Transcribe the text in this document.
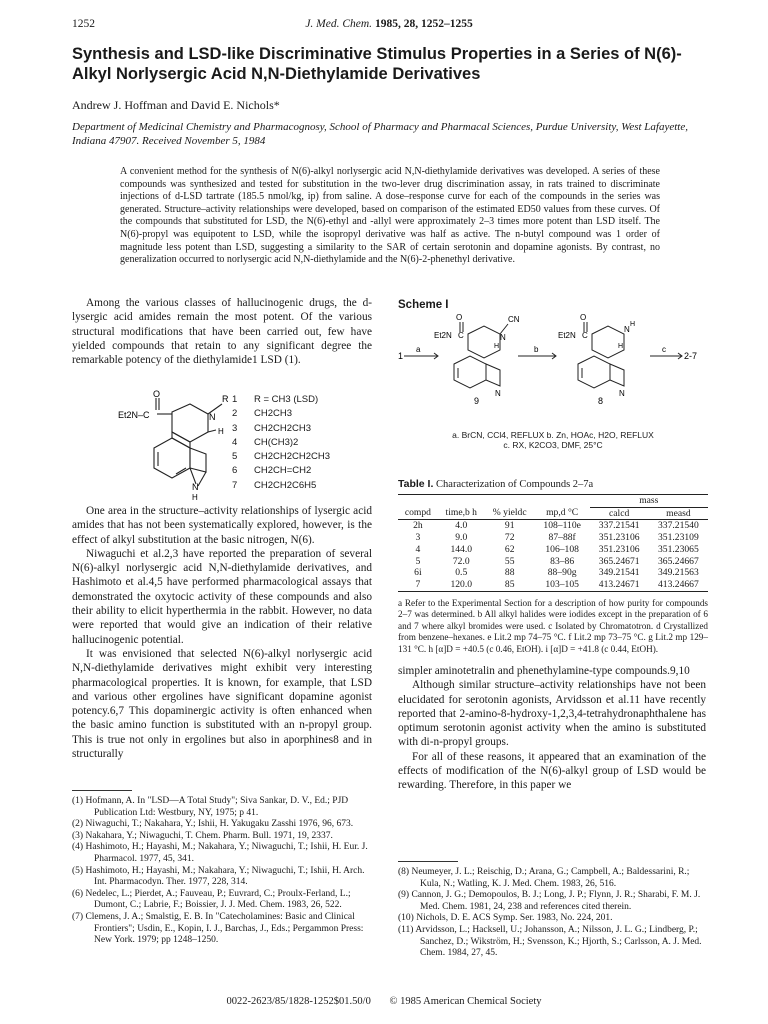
1252	J. Med. Chem. 1985, 28, 1252–1255
Synthesis and LSD-like Discriminative Stimulus Properties in a Series of N(6)-Alkyl Norlysergic Acid N,N-Diethylamide Derivatives
Andrew J. Hoffman and David E. Nichols*
Department of Medicinal Chemistry and Pharmacognosy, School of Pharmacy and Pharmacal Sciences, Purdue University, West Lafayette, Indiana 47907. Received November 5, 1984
A convenient method for the synthesis of N(6)-alkyl norlysergic acid N,N-diethylamide derivatives was developed. A series of these compounds was synthesized and tested for substitution in the two-lever drug discrimination assay, in rats trained to discriminate injections of d-LSD tartrate (185.5 nmol/kg, ip) from saline. A dose–response curve for each of the compounds in the series was generated. Structure–activity relationships were developed, based on comparison of the estimated ED50 values from these curves. Of the compounds that substituted for LSD, the N(6)-ethyl and -allyl were approximately 2–3 times more potent than LSD itself. The N(6)-propyl was equipotent to LSD, while the isopropyl derivative was half as active. The n-butyl compound was 1 order of magnitude less potent than LSD, suggesting a similarity to the SAR of certain serotonin and dopamine agonists. By contrast, no generalization occurred to norlysergic acid N,N-diethylamide and the N(6)-2-phenethyl derivative.

Among the various classes of hallucinogenic drugs, the d-lysergic acid amides remain the most potent. Of the various structural modifications that have been carried out, few have yielded compounds that retain to any significant degree the remarkable potency of the diethylamide1 LSD (1).

O
Et2N–C
R
N
H
N
H
1 R = CH3 (LSD)
2 CH2CH3
3 CH2CH2CH3
4 CH(CH3)2
5 CH2CH2CH2CH3
6 CH2CH=CH2
7 CH2CH2C6H5

One area in the structure–activity relationships of lysergic acid amides that has not been systematically explored, however, is the effect of alkyl substitution at the basic nitrogen, N(6).

Niwaguchi et al.2,3 have reported the preparation of several N(6)-alkyl norlysergic acid N,N-diethylamide derivatives, and Hashimoto et al.4,5 have performed pharmacological assays that demonstrated the oxytocic activity of these compounds and also their ability to elicit hyperthermia in the rabbit. However, no data were reported that would give an indication of their relative hallucinogenic potential.

It was envisioned that selected N(6)-alkyl norlysergic acid N,N-diethylamide derivatives might exhibit very interesting pharmacological properties. It is known, for example, that LSD and various other ergolines have significant dopamine agonist potency.6,7 This dopaminergic activity is often enhanced when the basic amino function is substituted with an n-propyl group. This is true not only in ergolines but also in aporphines8 and in structurally

Scheme I
1
a
O
Et2N C
CN
N
H
N
9
b
O
Et2N C
N
H
H
N
8
c
2-7
a. BrCN, CCl4, REFLUX b. Zn, HOAc, H2O, REFLUX
c. RX, K2CO3, DMF, 25°C
Table I. Characterization of Compounds 2–7a
				mass	
compd	time,b h	% yieldc	mp,d °C	calcd	measd
2h	4.0	91	108–110e	337.21541	337.21540
3	9.0	72	87–88f	351.23106	351.23109
4	144.0	62	106–108	351.23106	351.23065
5	72.0	55	83–86	365.24671	365.24667
6i	0.5	88	88–90g	349.21541	349.21563
7	120.0	85	103–105	413.24671	413.24667
a Refer to the Experimental Section for a description of how purity for compounds 2–7 was determined. b All alkyl halides were iodides except in the preparation of 6 and 7 where alkyl bromides were used. c Isolated by Chromatotron. d Crystallized from benzene–hexanes. e Lit.2 mp 74–75 °C. f Lit.2 mp 73–75 °C. g Lit.2 mp 129–131 °C. h [α]D = +40.5 (c 0.46, EtOH). i [α]D = +41.8 (c 0.44, EtOH).

simpler aminotetralin and phenethylamine-type compounds.9,10

Although similar structure–activity relationships have not been elucidated for serotonin agonists, Arvidsson et al.11 have recently reported that 2-amino-8-hydroxy-1,2,3,4-tetrahydronaphthalene has optimum serotonin agonist activity when the amino is substituted with di-n-propyl groups.

For all of these reasons, it appeared that an examination of the effects of modification of the N(6)-alkyl group of LSD would be rewarding. Therefore, in this paper we

(1) Hofmann, A. In "LSD—A Total Study"; Siva Sankar, D. V., Ed.; PJD Publication Ltd: Westbury, NY, 1975; p 41.

(2) Niwaguchi, T.; Nakahara, Y.; Ishii, H. Yakugaku Zasshi 1976, 96, 673.

(3) Nakahara, Y.; Niwaguchi, T. Chem. Pharm. Bull. 1971, 19, 2337.

(4) Hashimoto, H.; Hayashi, M.; Nakahara, Y.; Niwaguchi, T.; Ishii, H. Eur. J. Pharmacol. 1977, 45, 341.

(5) Hashimoto, H.; Hayashi, M.; Nakahara, Y.; Niwaguchi, T.; Ishii, H. Arch. Int. Pharmacodyn. Ther. 1977, 228, 314.

(6) Nedelec, L.; Pierdet, A.; Fauveau, P.; Euvrard, C.; Proulx-Ferland, L.; Dumont, C.; Labrie, F.; Boissier, J. J. Med. Chem. 1983, 26, 522.

(7) Clemens, J. A.; Smalstig, E. B. In "Catecholamines: Basic and Clinical Frontiers"; Usdin, E., Kopin, I. J., Barchas, J., Eds.; Pergammon Press: New York. 1979; pp 1248–1250.

(8) Neumeyer, J. L.; Reischig, D.; Arana, G.; Campbell, A.; Baldessarini, R.; Kula, N.; Watling, K. J. Med. Chem. 1983, 26, 516.

(9) Cannon, J. G.; Demopoulos, B. J.; Long, J. P.; Flynn, J. R.; Sharabi, F. M. J. Med. Chem. 1981, 24, 238 and references cited therein.

(10) Nichols, D. E. ACS Symp. Ser. 1983, No. 224, 201.

(11) Arvidsson, L.; Hacksell, U.; Johansson, A.; Nilsson, J. L. G.; Lindberg, P.; Sanchez, D.; Wikström, H.; Svensson, K.; Hjorth, S.; Carlsson, A. J. Med. Chem. 1984, 27, 45.

0022-2623/85/1828-1252$01.50/0 © 1985 American Chemical Society
